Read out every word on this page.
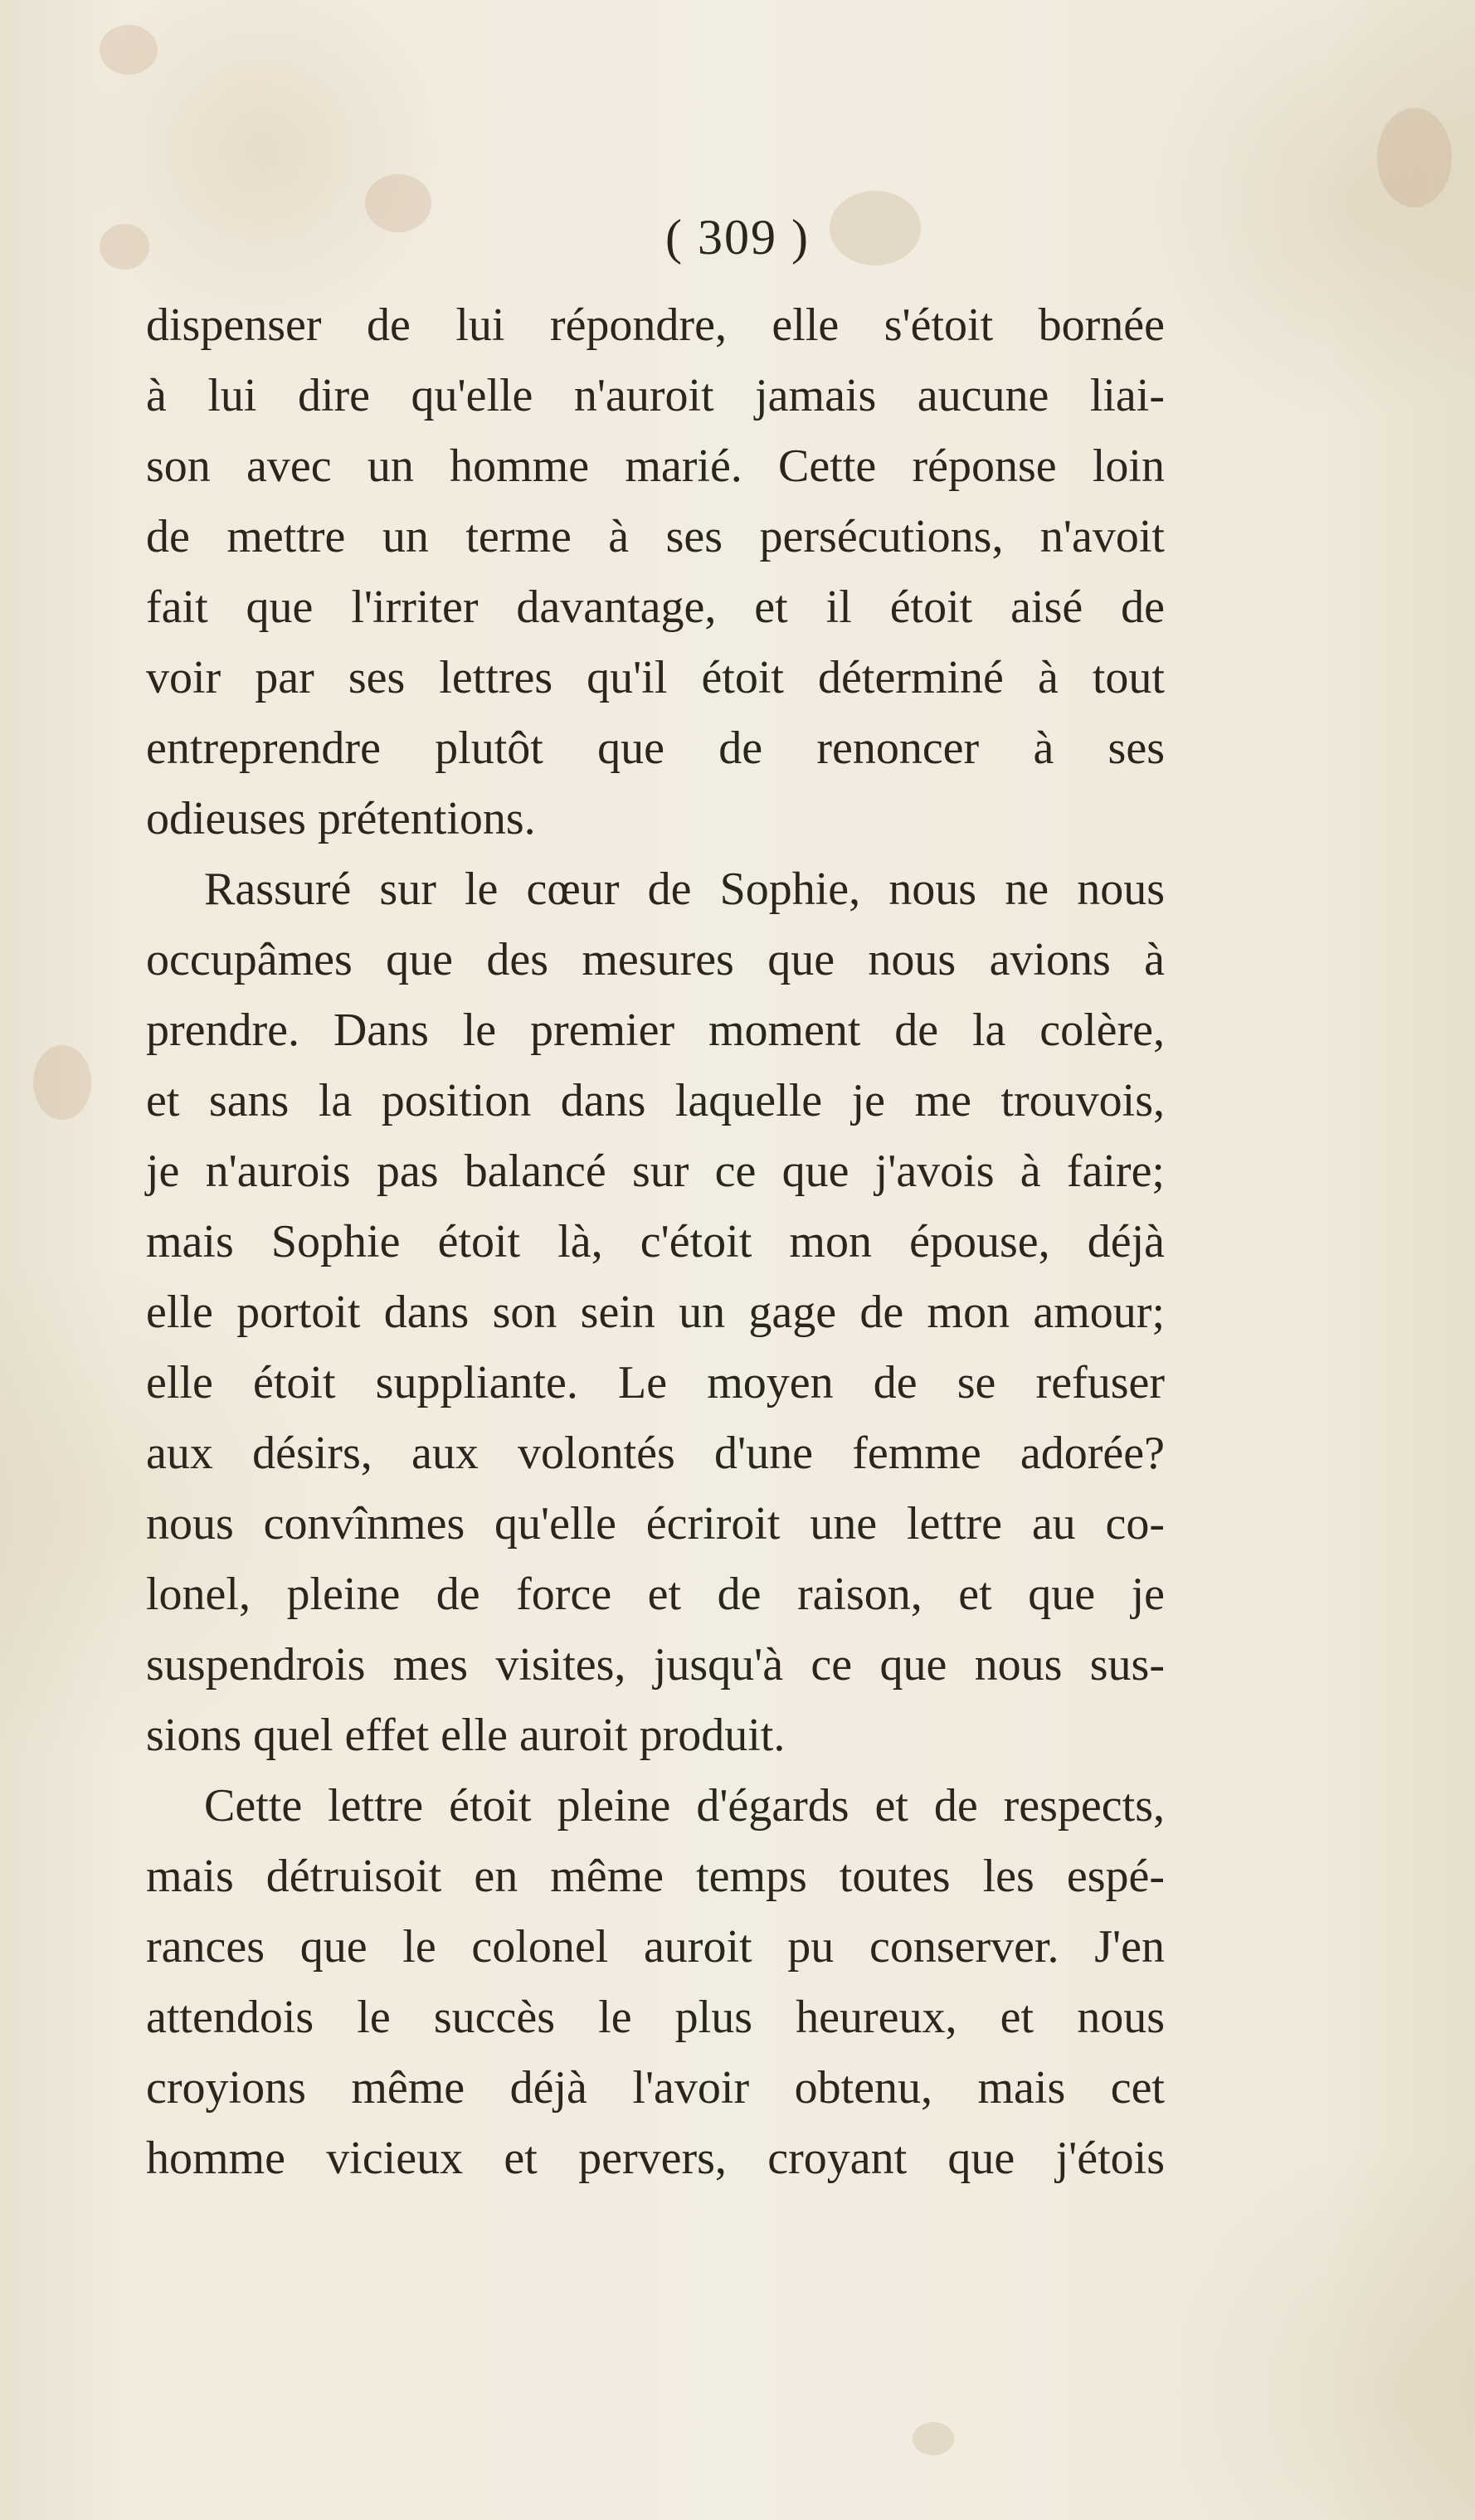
( 309 )
dispenser de lui répondre, elle s'étoit bornée
à lui dire qu'elle n'auroit jamais aucune liai-
son avec un homme marié. Cette réponse loin
de mettre un terme à ses persécutions, n'avoit
fait que l'irriter davantage, et il étoit aisé de
voir par ses lettres qu'il étoit déterminé à tout
entreprendre plutôt que de renoncer à ses
odieuses prétentions.
Rassuré sur le cœur de Sophie, nous ne nous
occupâmes que des mesures que nous avions à
prendre. Dans le premier moment de la colère,
et sans la position dans laquelle je me trouvois,
je n'aurois pas balancé sur ce que j'avois à faire;
mais Sophie étoit là, c'étoit mon épouse, déjà
elle portoit dans son sein un gage de mon amour;
elle étoit suppliante. Le moyen de se refuser
aux désirs, aux volontés d'une femme adorée?
nous convînmes qu'elle écriroit une lettre au co-
lonel, pleine de force et de raison, et que je
suspendrois mes visites, jusqu'à ce que nous sus-
sions quel effet elle auroit produit.
Cette lettre étoit pleine d'égards et de respects,
mais détruisoit en même temps toutes les espé-
rances que le colonel auroit pu conserver. J'en
attendois le succès le plus heureux, et nous
croyions même déjà l'avoir obtenu, mais cet
homme vicieux et pervers, croyant que j'étois
